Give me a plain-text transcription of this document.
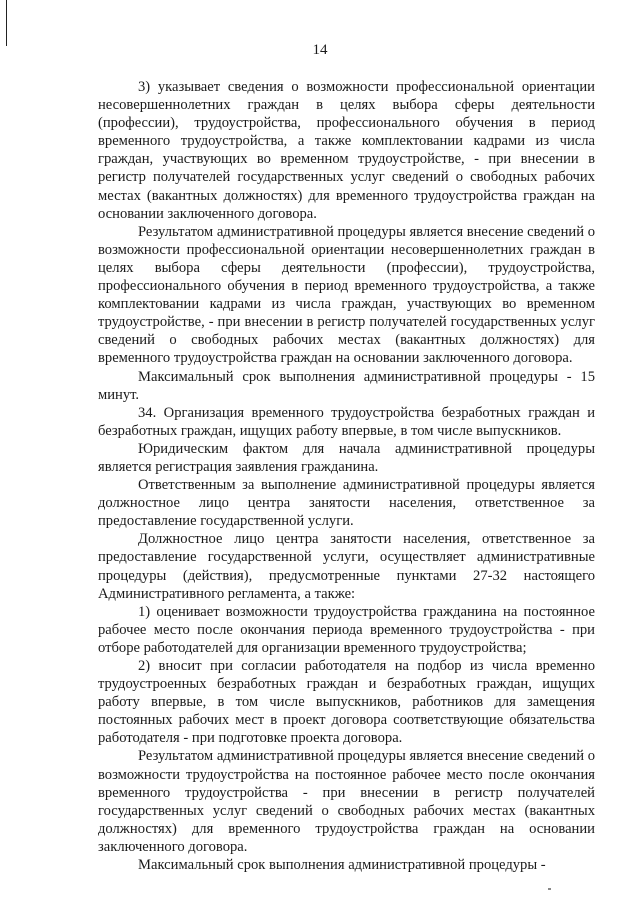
14

3) указывает сведения о возможности профессиональной ориентации несовершеннолетних граждан в целях выбора сферы деятельности (профессии), трудоустройства, профессионального обучения в период временного трудоустройства, а также комплектовании кадрами из числа граждан, участвующих во временном трудоустройстве, - при внесении в регистр получателей государственных услуг сведений о свободных рабочих местах (вакантных должностях) для временного трудоустройства граждан на основании заключенного договора.

Результатом административной процедуры является внесение сведений о возможности профессиональной ориентации несовершеннолетних граждан в целях выбора сферы деятельности (профессии), трудоустройства, профессионального обучения в период временного трудоустройства, а также комплектовании кадрами из числа граждан, участвующих во временном трудоустройстве, - при внесении в регистр получателей государственных услуг сведений о свободных рабочих местах (вакантных должностях) для временного трудоустройства граждан на основании заключенного договора.

Максимальный срок выполнения административной процедуры - 15 минут.

34. Организация временного трудоустройства безработных граждан и безработных граждан, ищущих работу впервые, в том числе выпускников.

Юридическим фактом для начала административной процедуры является регистрация заявления гражданина.

Ответственным за выполнение административной процедуры является должностное лицо центра занятости населения, ответственное за предоставление государственной услуги.

Должностное лицо центра занятости населения, ответственное за предоставление государственной услуги, осуществляет административные процедуры (действия), предусмотренные пунктами 27-32 настоящего Административного регламента, а также:

1) оценивает возможности трудоустройства гражданина на постоянное рабочее место после окончания периода временного трудоустройства - при отборе работодателей для организации временного трудоустройства;

2) вносит при согласии работодателя на подбор из числа временно трудоустроенных безработных граждан и безработных граждан, ищущих работу впервые, в том числе выпускников, работников для замещения постоянных рабочих мест в проект договора соответствующие обязательства работодателя - при подготовке проекта договора.

Результатом административной процедуры является внесение сведений о возможности трудоустройства на постоянное рабочее место после окончания временного трудоустройства - при внесении в регистр получателей государственных услуг сведений о свободных рабочих местах (вакантных должностях) для временного трудоустройства граждан на основании заключенного договора.

Максимальный срок выполнения административной процедуры -
